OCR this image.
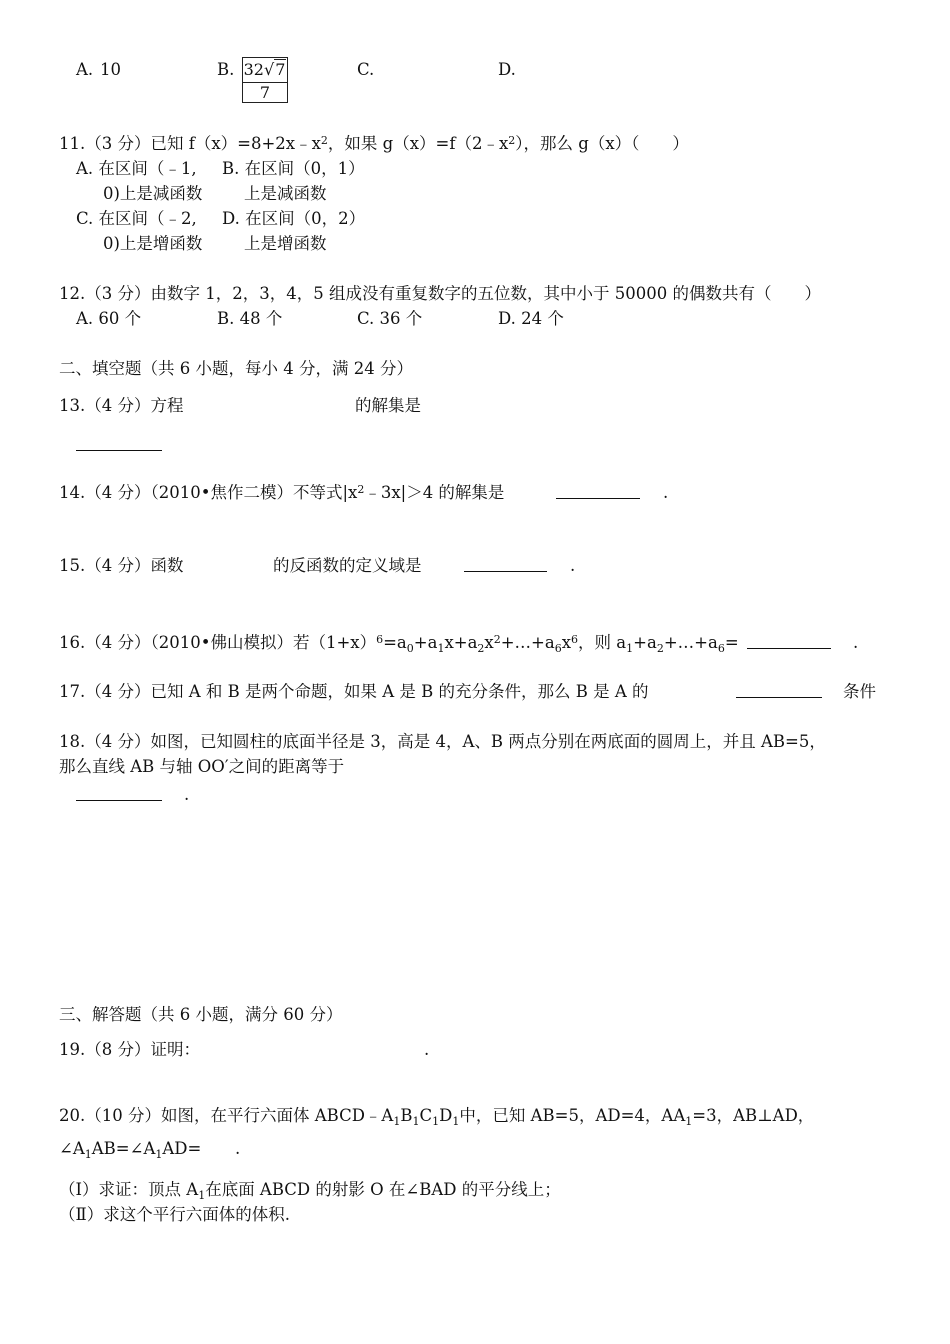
A. 10	B. 32√7
7
C.	D.
11.（3 分）已知 $f(x)=8+2x﹣x^2$，如果 $g(x)=f(2﹣x^2)$，那么 g（x）（　　）
A. 在区间（﹣1, B. 在区间（0，1）
0)上是减函数	上是减函数
C. 在区间（﹣2, D. 在区间（0，2）
0)上是增函数	上是增函数
12.（3 分）由数字 1，2，3，4，5 组成没有重复数字的五位数，其中小于 50000 的偶数共有（　　）
A. 60 个	B. 48 个	C. 36 个	D. 24 个
二、填空题（共 6 小题，每小 4 分，满 24 分）
13.（4 分）方程	的解集是
14.（4 分）（2010•焦作二模）不等式$|x^2﹣3x|>4$ 的解集是	.
15.（4 分）函数	的反函数的定义域是	.
16.（4 分）（2010•佛山模拟）若$(1+x)^6=a_0+a_1x+a_2x^2+\dots+a_6x^6$，则 $a_1+a_2+\dots+a_6=$	.
17.（4 分）已知 A 和 B 是两个命题，如果 A 是 B 的充分条件，那么 B 是 A 的	条件
18.（4 分）如图，已知圆柱的底面半径是 3，高是 4，A、B 两点分别在两底面的圆周上，并且 AB=5，
那么直线 AB 与轴 OO′之间的距离等于
.
三、解答题（共 6 小题，满分 60 分）
19.（8 分）证明：	.
20.（10 分）如图，在平行六面体 $ABCD﹣A_1B_1C_1D_1$中，已知 AB=5，AD=4，$AA_1=3$，AB⊥AD，
$\angle A_1AB=\angle A_1AD=$ .
（Ⅰ）求证：顶点 $A_1$在底面 ABCD 的射影 O 在∠BAD 的平分线上；
（Ⅱ）求这个平行六面体的体积.
